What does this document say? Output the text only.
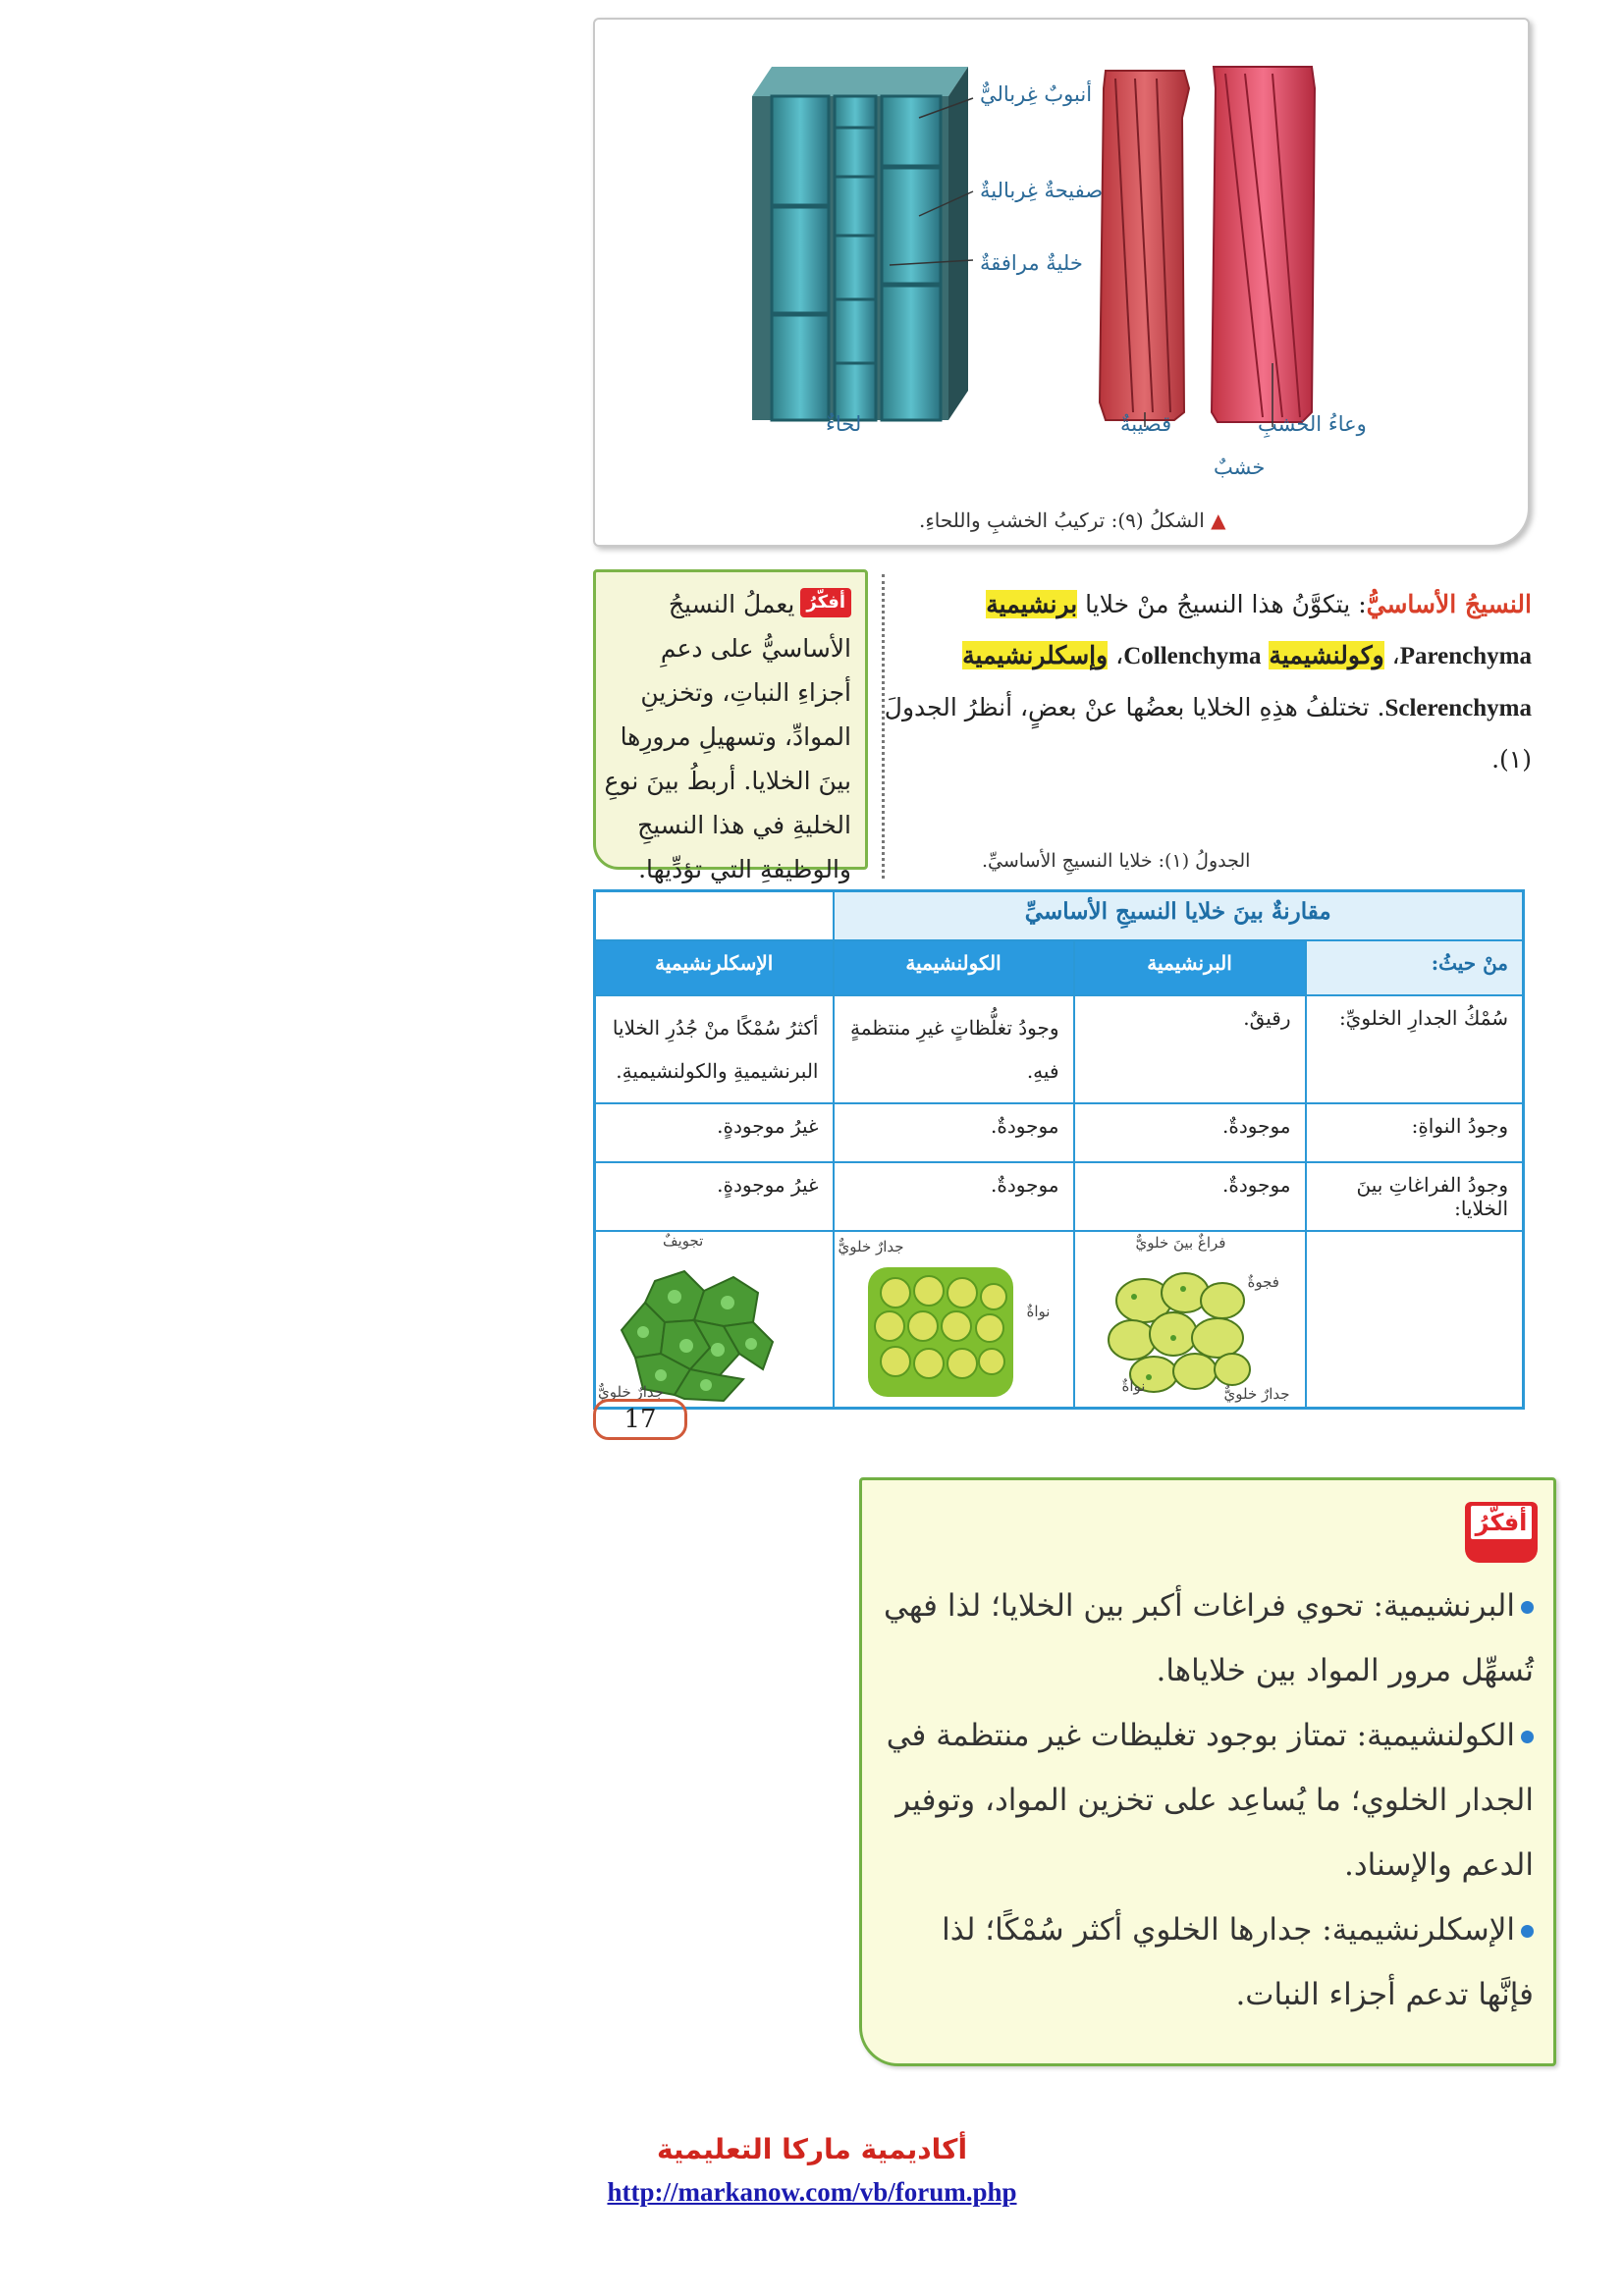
أنبوبٌ غِرباليٌّ
صفيحةٌ غِرباليةٌ
خليةٌ مرافقةٌ
لحاءٌ	قصيبةٌ	وعاءُ الخشبِ
خشبٌ
▲ الشكلُ (٩): تركيبُ الخشبِ واللحاءِ.
النسيجُ الأساسيُّ: يتكوَّنُ هذا النسيجُ منْ خلايا برنشيمية Parenchyma، وكولنشيمية Collenchyma، وإسكلرنشيمية Sclerenchyma. تختلفُ هذِهِ الخلايا بعضُها عنْ بعضٍ، أنظرُ الجدولَ (١).
أفكّرُ
يعملُ النسيجُ الأساسيُّ على دعمِ أجزاءِ النباتِ، وتخزينِ الموادِّ، وتسهيلِ مرورِها بينَ الخلايا. أربطُ بينَ نوعِ الخليةِ في هذا النسيجِ والوظيفةِ التي تؤدِّيها.	الجدولُ (١): خلايا النسيجِ الأساسيِّ.
مقارنةٌ بينَ خلايا النسيجِ الأساسيِّ			
منْ حيثُ:	البرنشيمية	الكولنشيمية	الإسكلرنشيمية
سُمْكُ الجدارِ الخلويِّ:	رقيقٌ.	وجودُ تغلُّظاتٍ غيرِ منتظمةٍ فيهِ.	أكثرُ سُمْكًا منْ جُدُرِ الخلايا البرنشيميةِ والكولنشيميةِ.
وجودُ النواةِ:	موجودةٌ.	موجودةٌ.	غيرُ موجودةٍ.
وجودُ الفراغاتِ بينَ الخلايا:	موجودةٌ.	موجودةٌ.	غيرُ موجودةٍ.

	فراغٌ بينَ خلويٌّ
فجوةٌ
نواةٌ جدارٌ خلويٌّ	جدارٌ خلويٌّ
نواةٌ	تجويفٌ
جدارٌ خلويٌّ
17
أفكّرُ
البرنشيمية: تحوي فراغات أكبر بين الخلايا؛ لذا فهي تُسهِّل مرور المواد بين خلاياها.
الكولنشيمية: تمتاز بوجود تغليظات غير منتظمة في الجدار الخلوي؛ ما يُساعِد على تخزين المواد، وتوفير الدعم والإسناد.
الإسكلرنشيمية: جدارها الخلوي أكثر سُمْكًا؛ لذا فإنَّها تدعم أجزاء النبات.
أكاديمية ماركا التعليمية
http://markanow.com/vb/forum.php
